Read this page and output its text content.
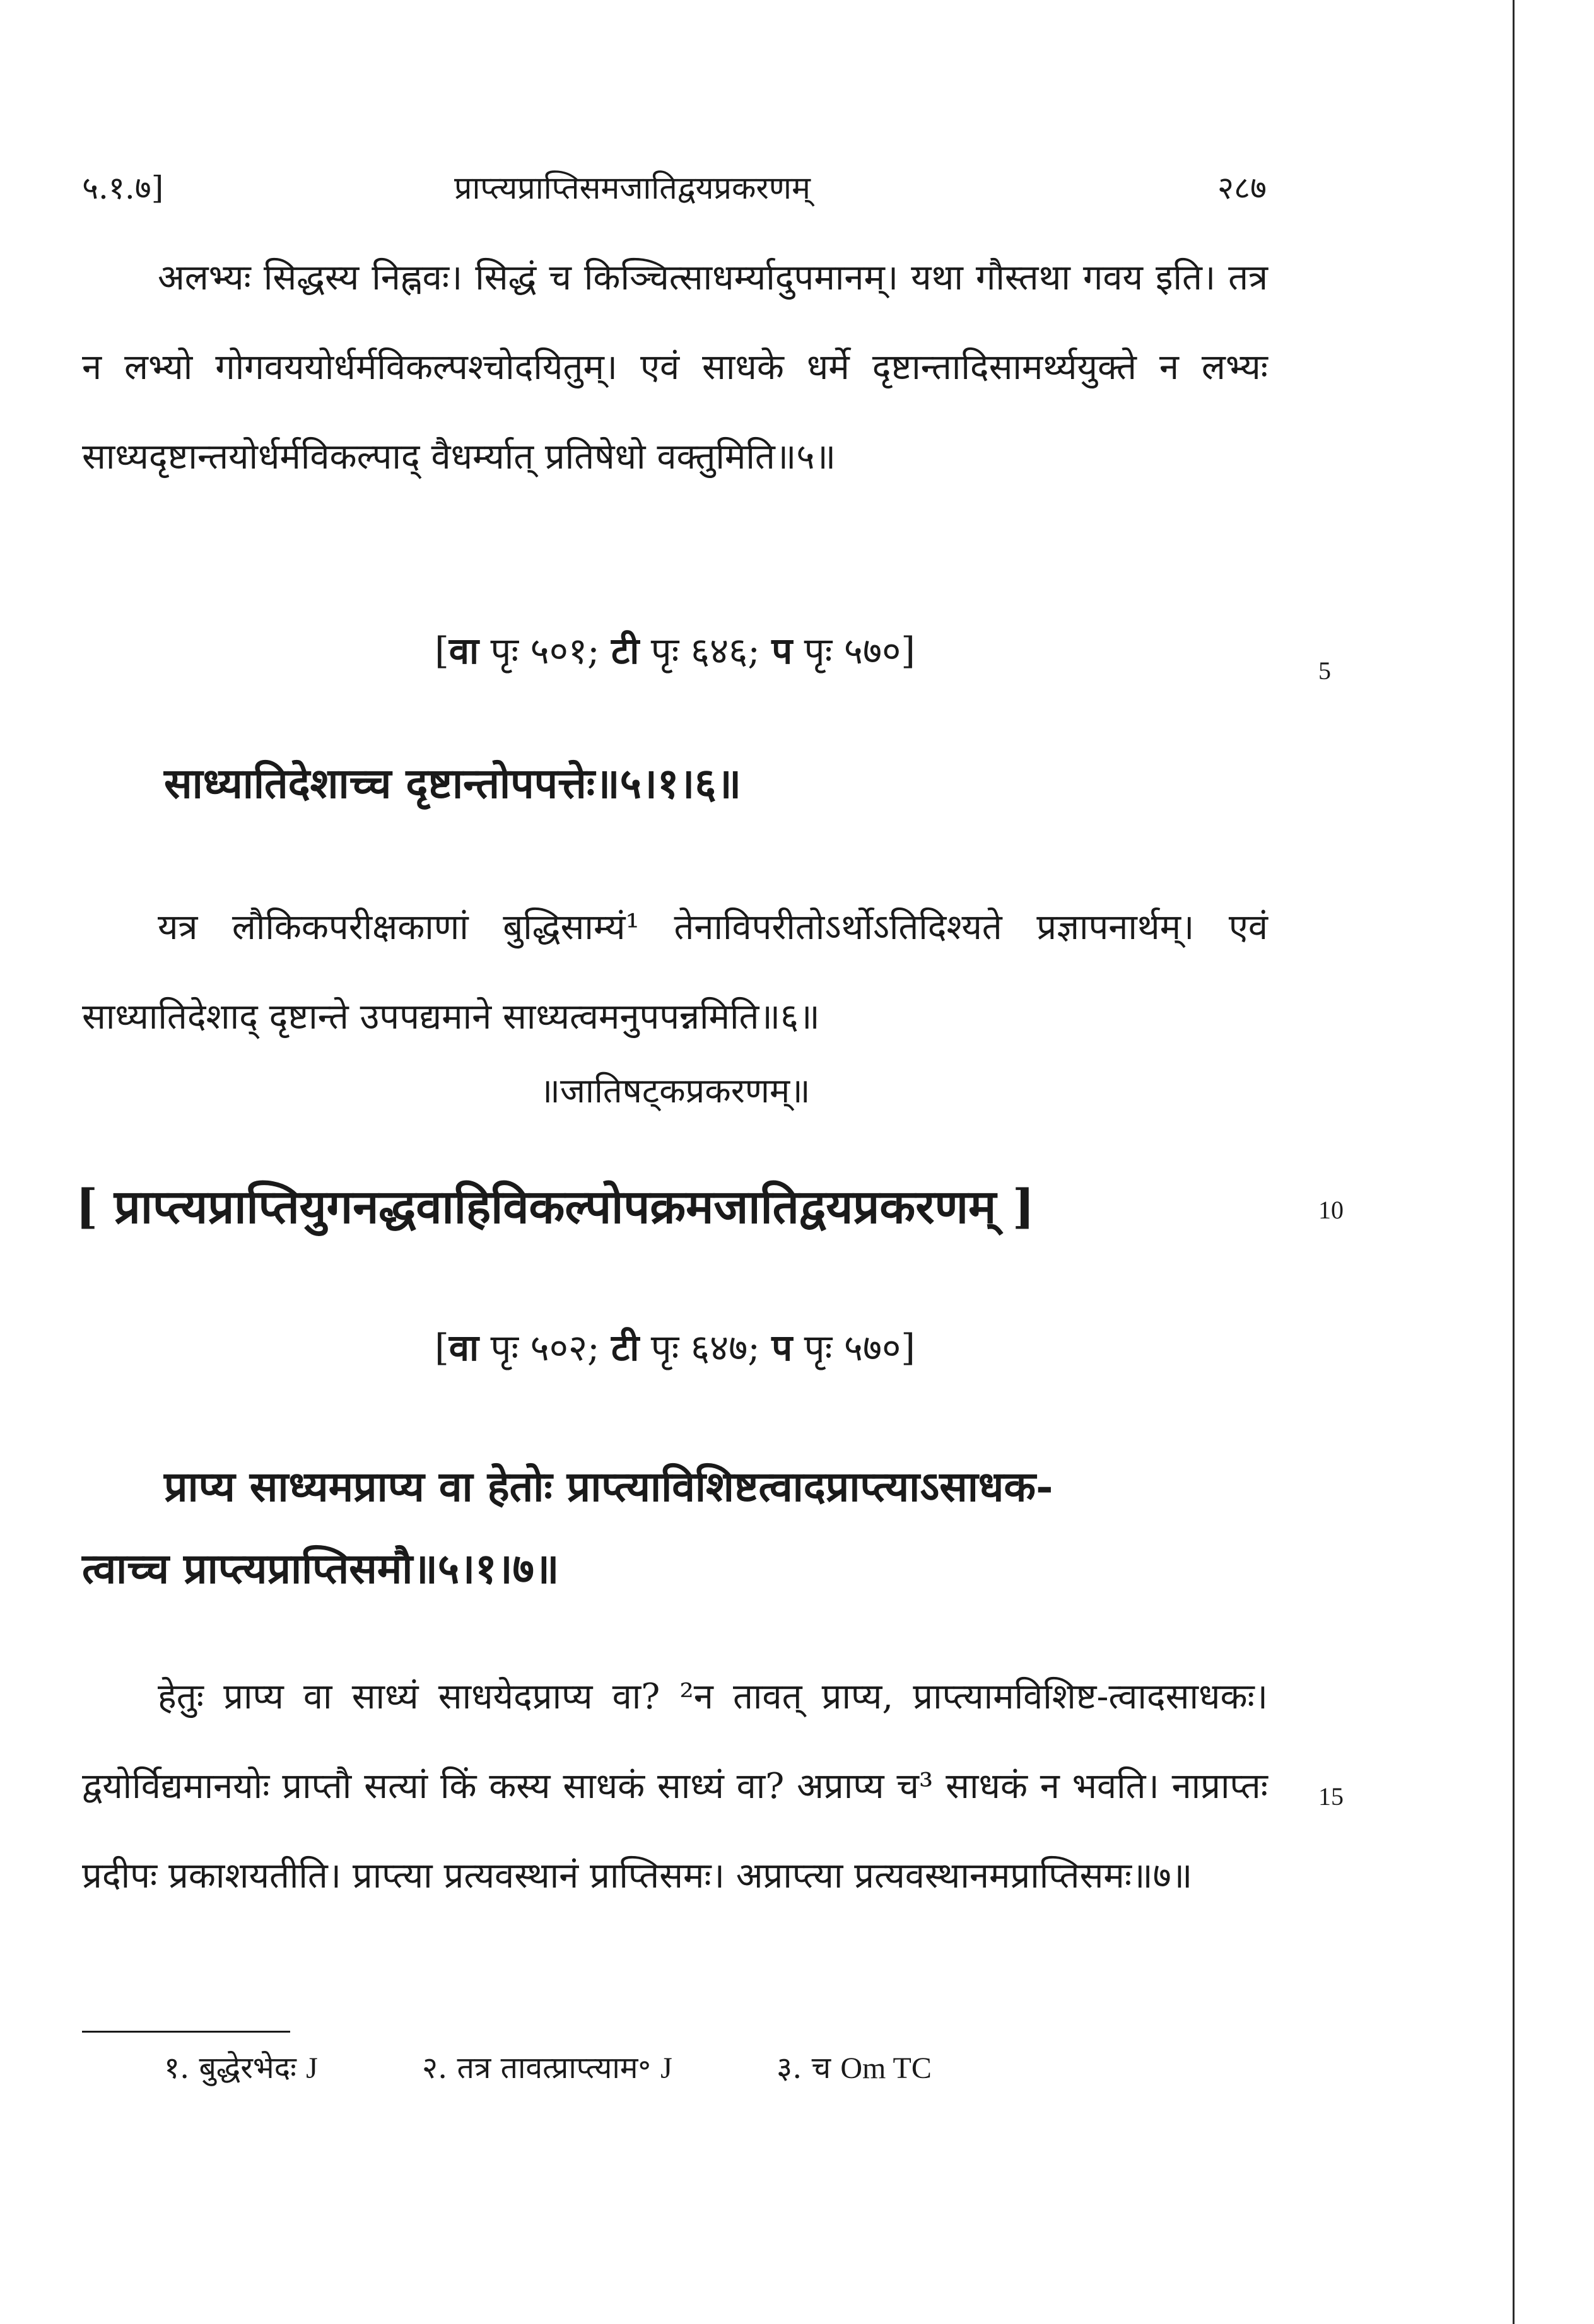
५.१.७]	प्राप्त्यप्राप्तिसमजातिद्वयप्रकरणम्	२८७
अलभ्यः सिद्धस्य निह्नवः। सिद्धं च किञ्चित्साधर्म्यादुपमानम्। यथा गौस्तथा गवय इति। तत्र न लभ्यो गोगवययोर्धर्मविकल्पश्चोदयितुम्। एवं साधके धर्मे दृष्टान्तादिसामर्थ्ययुक्ते न लभ्यः साध्यदृष्टान्तयोर्धर्मविकल्पाद् वैधर्म्यात् प्रतिषेधो वक्तुमिति॥५॥
[वा पृः ५०१; टी पृः ६४६; प पृः ५७०]	5
साध्यातिदेशाच्च दृष्टान्तोपपत्तेः॥५।१।६॥
यत्र लौकिकपरीक्षकाणां बुद्धिसाम्यं¹ तेनाविपरीतोऽर्थोऽतिदिश्यते प्रज्ञापनार्थम्। एवं साध्यातिदेशाद् दृष्टान्ते उपपद्यमाने साध्यत्वमनुपपन्नमिति॥६॥
॥जातिषट्कप्रकरणम्॥
[ प्राप्त्यप्राप्तियुगनद्धवाहिविकल्पोपक्रमजातिद्वयप्रकरणम् ]	10
[वा पृः ५०२; टी पृः ६४७; प पृः ५७०]
प्राप्य साध्यमप्राप्य वा हेतोः प्राप्त्याविशिष्टत्वादप्राप्त्याऽसाधक-
त्वाच्च प्राप्त्यप्राप्तिसमौ॥५।१।७॥
हेतुः प्राप्य वा साध्यं साधयेदप्राप्य वा? ²न तावत् प्राप्य, प्राप्त्यामविशिष्ट-त्वादसाधकः। द्वयोर्विद्यमानयोः प्राप्तौ सत्यां किं कस्य साधकं साध्यं वा? अप्राप्य च³ साधकं न भवति। नाप्राप्तः प्रदीपः प्रकाशयतीति। प्राप्त्या प्रत्यवस्थानं प्राप्तिसमः। अप्राप्त्या प्रत्यवस्थानमप्राप्तिसमः॥७॥
15
१. बुद्धेरभेदः J	२. तत्र तावत्प्राप्त्याम॰ J	३. च Om TC
